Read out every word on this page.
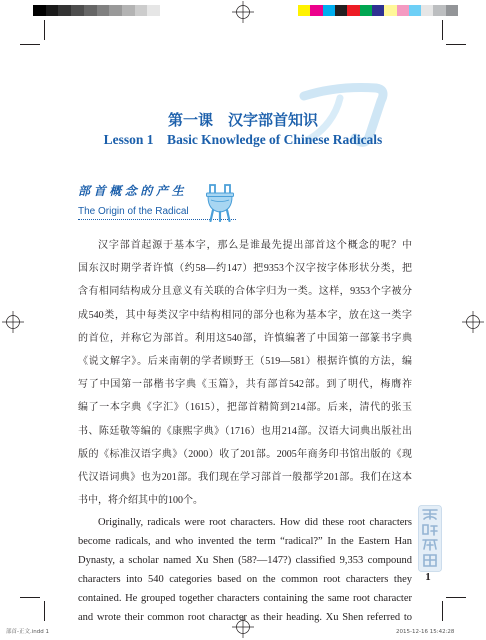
部首-正文.indd 1	2015-12-16 15:42:28
第一课　汉字部首知识
Lesson 1　Basic Knowledge of Chinese Radicals
部首概念的产生
The Origin of the Radical
汉字部首起源于基本字，那么是谁最先提出部首这个概念的呢？中
国东汉时期学者许慎（约58—约147）把9353个汉字按字体形状分类，把
含有相同结构成分且意义有关联的合体字归为一类。这样，9353个字被分
成540类，其中每类汉字中结构相同的部分也称为基本字，放在这一类字
的首位，并称它为部首。利用这540部，许慎编著了中国第一部篆书字典
《说文解字》。后来南朝的学者顾野王（519—581）根据许慎的方法，编
写了中国第一部楷书字典《玉篇》，共有部首542部。到了明代，梅膺祚
编了一本字典《字汇》（1615），把部首精简到214部。后来，清代的张玉
书、陈廷敬等编的《康熙字典》（1716）也用214部。汉语大词典出版社出
版的《标准汉语字典》（2000）收了201部。2005年商务印书馆出版的《现
代汉语词典》也为201部。我们现在学习部首一般都学201部。我们在这本
书中，将介绍其中的100个。
Originally, radicals were root characters. How did these root characters
become radicals, and who invented the term “radical?” In the Eastern Han
Dynasty, a scholar named Xu Shen (58?—147?) classified 9,353 compound
characters into 540 categories based on the common root characters they
contained. He grouped together characters containing the same root character
and wrote their common root character as their heading. Xu Shen referred to
1
